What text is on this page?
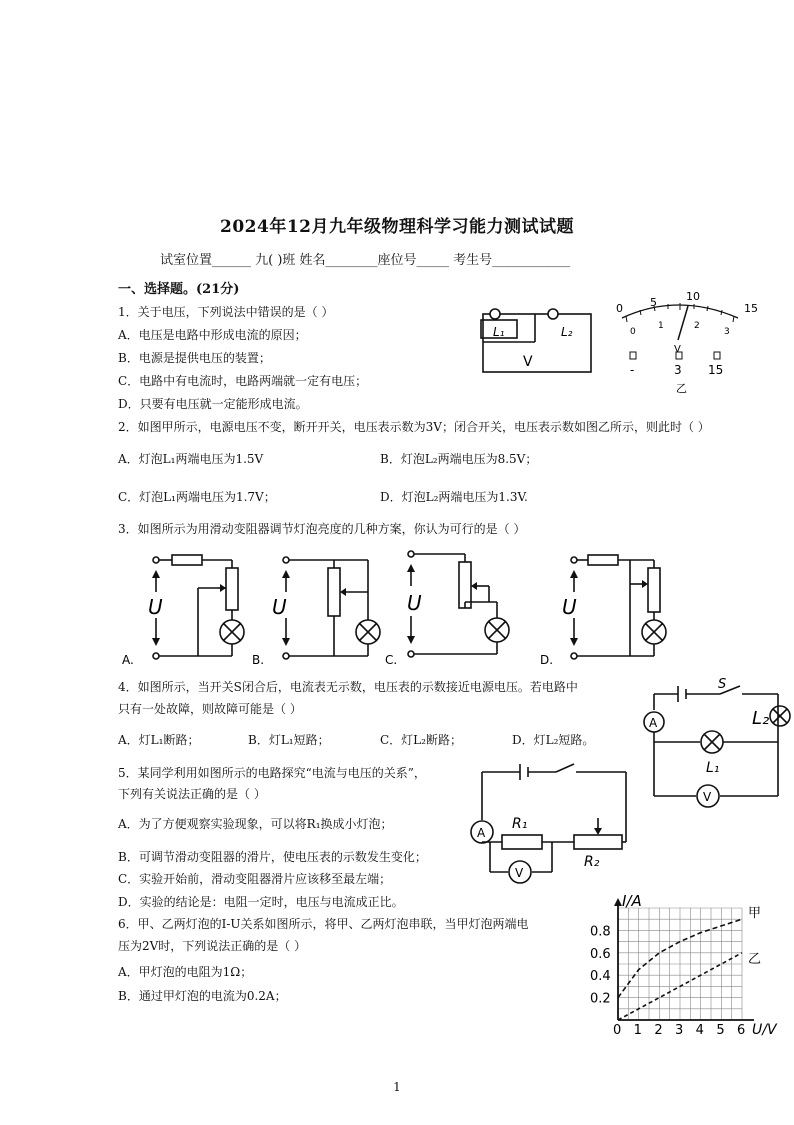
2024年12月九年级物理科学习能力测试试题
试室位置______ 九( )班 姓名________座位号_____ 考生号____________
一、选择题。(21分)
1．关于电压，下列说法中错误的是（ ）
A．电压是电路中形成电流的原因；
B．电源是提供电压的装置；
C．电路中有电流时，电路两端就一定有电压；
D．只要有电压就一定能形成电流。
L₁	L₂
V
0 5	10
15
0
1	2
3
V
-	3 15
乙
2．如图甲所示，电源电压不变，断开开关，电压表示数为3V；闭合开关，电压表示数如图乙所示，则此时（ ）
A．灯泡L₁两端电压为1.5V	B．灯泡L₂两端电压为8.5V；
C．灯泡L₁两端电压为1.7V；	D．灯泡L₂两端电压为1.3V.
3．如图所示为用滑动变阻器调节灯泡亮度的几种方案，你认为可行的是（ ）
U
A.
U
B.
U
C.
U
D.
4．如图所示，当开关S闭合后，电流表无示数，电压表的示数接近电源电压。若电路中
只有一处故障，则故障可能是（ ）
A．灯L₁断路；	B．灯L₁短路；	C．灯L₂断路；	D．灯L₂短路。
S
A
V
L₁
L₂
5．某同学利用如图所示的电路探究“电流与电压的关系”，
下列有关说法正确的是（ ）
A．为了方便观察实验现象，可以将R₁换成小灯泡；
B．可调节滑动变阻器的滑片，使电压表的示数发生变化；
C．实验开始前，滑动变阻器滑片应该移至最左端；
D．实验的结论是：电阻一定时，电压与电流成正比。
A
V
R₁
R₂
6．甲、乙两灯泡的I-U关系如图所示，将甲、乙两灯泡串联，当甲灯泡两端电
压为2V时，下列说法正确的是（ ）
A．甲灯泡的电阻为1Ω；
B．通过甲灯泡的电流为0.2A；
0 1 2 3 4 5 6
0.2
0.4
0.6
0.8
甲
乙
I/A
U/V
1
